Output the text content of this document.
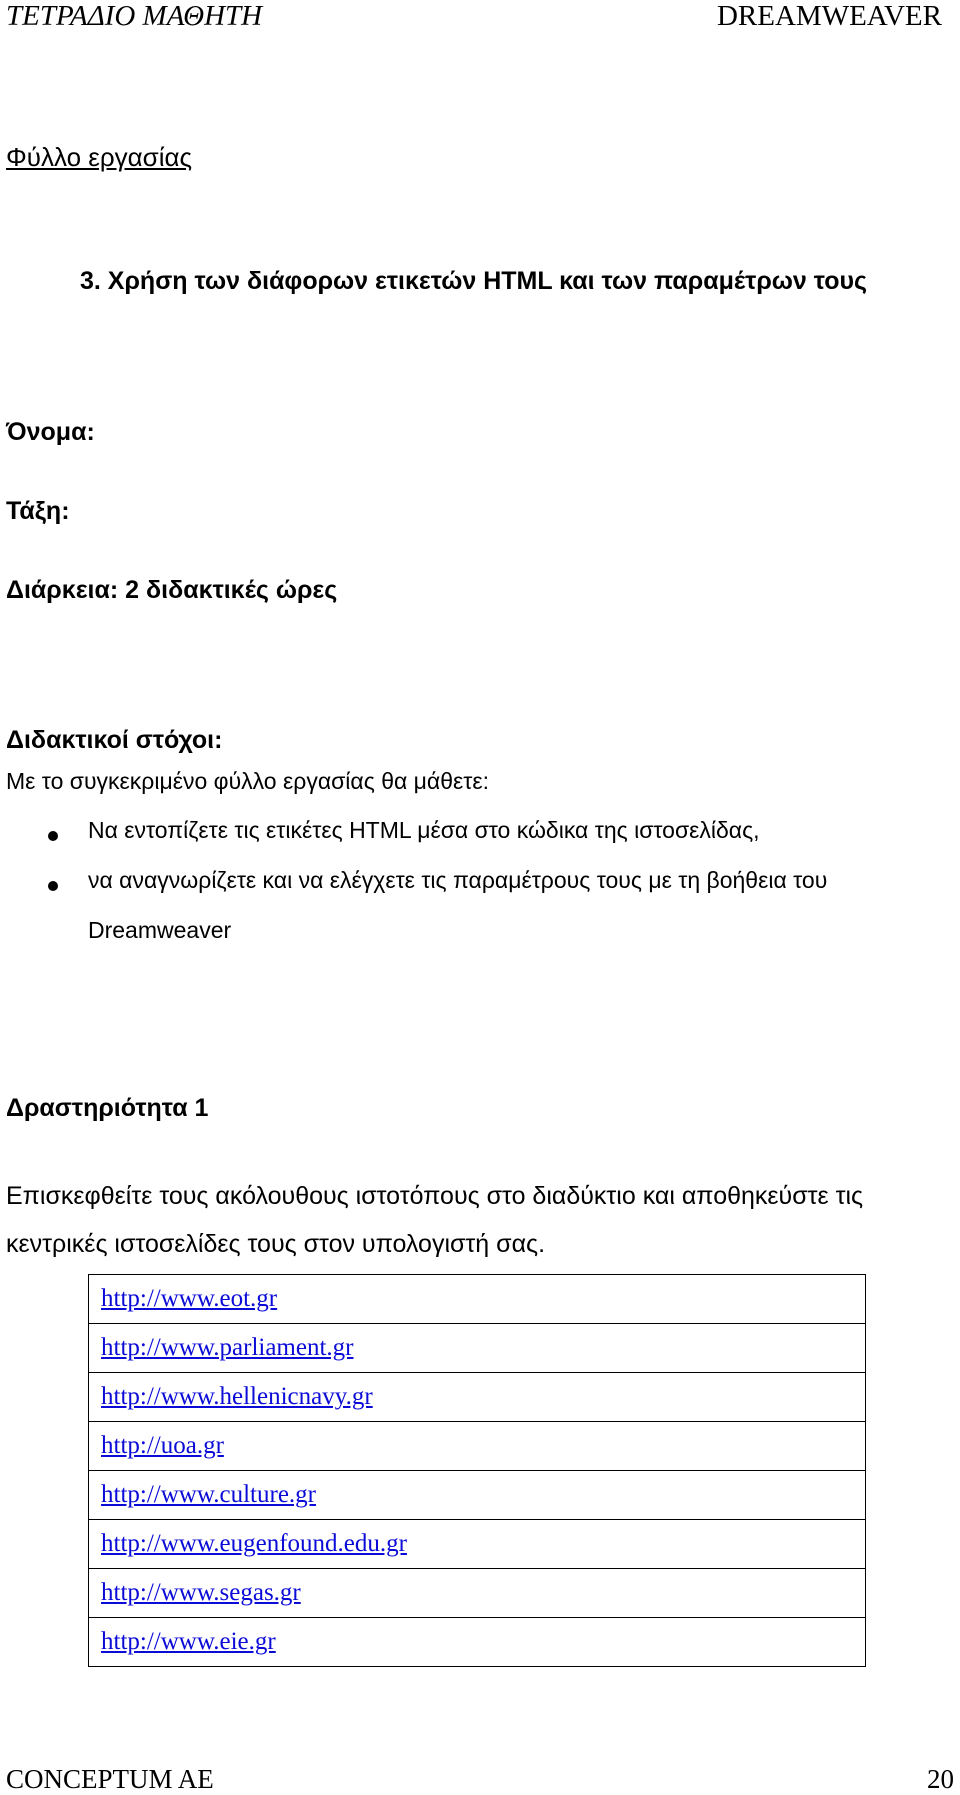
ΤΕΤΡΑΔΙΟ ΜΑΘΗΤΗ	DREAMWEAVER
Φύλλο εργασίας
3. Χρήση των διάφορων ετικετών HTML και των παραμέτρων τους
Όνομα:
Τάξη:
Διάρκεια: 2 διδακτικές ώρες
Διδακτικοί στόχοι:
Με το συγκεκριμένο φύλλο εργασίας θα μάθετε:
Να εντοπίζετε τις ετικέτες HTML μέσα στο κώδικα της ιστοσελίδας,
να αναγνωρίζετε και να ελέγχετε τις παραμέτρους τους με τη βοήθεια του
Dreamweaver
Δραστηριότητα 1
Επισκεφθείτε τους ακόλουθους ιστοτόπους στο διαδύκτιο και αποθηκεύστε τις
κεντρικές ιστοσελίδες τους στον υπολογιστή σας.
http://www.eot.gr
http://www.parliament.gr
http://www.hellenicnavy.gr
http://uoa.gr
http://www.culture.gr
http://www.eugenfound.edu.gr
http://www.segas.gr
http://www.eie.gr
CONCEPTUM AE	20
